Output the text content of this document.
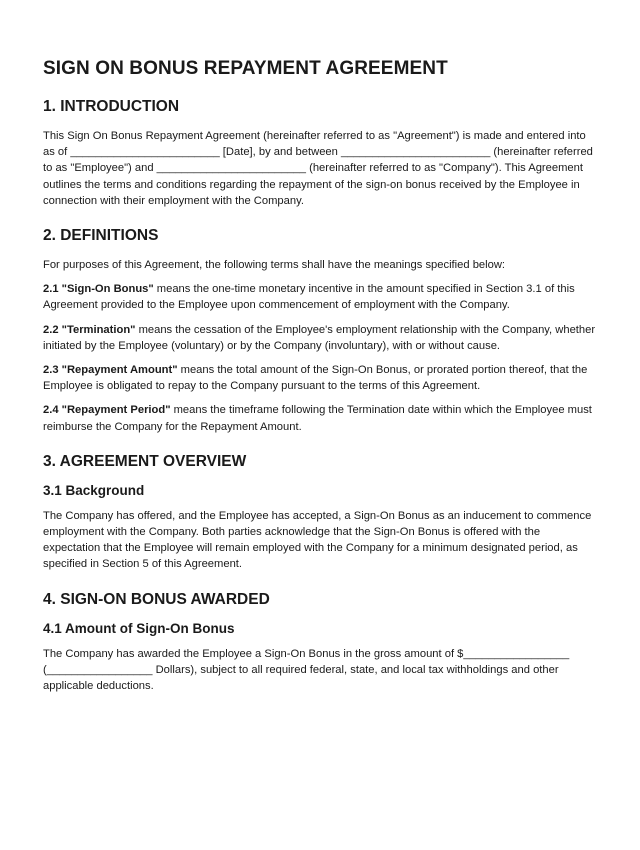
SIGN ON BONUS REPAYMENT AGREEMENT
1. INTRODUCTION

This Sign On Bonus Repayment Agreement (hereinafter referred to as "Agreement") is made and entered into as of ________________________ [Date], by and between ________________________ (hereinafter referred to as "Employee") and ________________________ (hereinafter referred to as "Company"). This Agreement outlines the terms and conditions regarding the repayment of the sign-on bonus received by the Employee in connection with their employment with the Company.

2. DEFINITIONS

For purposes of this Agreement, the following terms shall have the meanings specified below:

2.1 "Sign-On Bonus" means the one-time monetary incentive in the amount specified in Section 3.1 of this Agreement provided to the Employee upon commencement of employment with the Company.

2.2 "Termination" means the cessation of the Employee's employment relationship with the Company, whether initiated by the Employee (voluntary) or by the Company (involuntary), with or without cause.

2.3 "Repayment Amount" means the total amount of the Sign-On Bonus, or prorated portion thereof, that the Employee is obligated to repay to the Company pursuant to the terms of this Agreement.

2.4 "Repayment Period" means the timeframe following the Termination date within which the Employee must reimburse the Company for the Repayment Amount.

3. AGREEMENT OVERVIEW
3.1 Background

The Company has offered, and the Employee has accepted, a Sign-On Bonus as an inducement to commence employment with the Company. Both parties acknowledge that the Sign-On Bonus is offered with the expectation that the Employee will remain employed with the Company for a minimum designated period, as specified in Section 5 of this Agreement.

4. SIGN-ON BONUS AWARDED
4.1 Amount of Sign-On Bonus

The Company has awarded the Employee a Sign-On Bonus in the gross amount of $_________________ (_________________ Dollars), subject to all required federal, state, and local tax withholdings and other applicable deductions.
